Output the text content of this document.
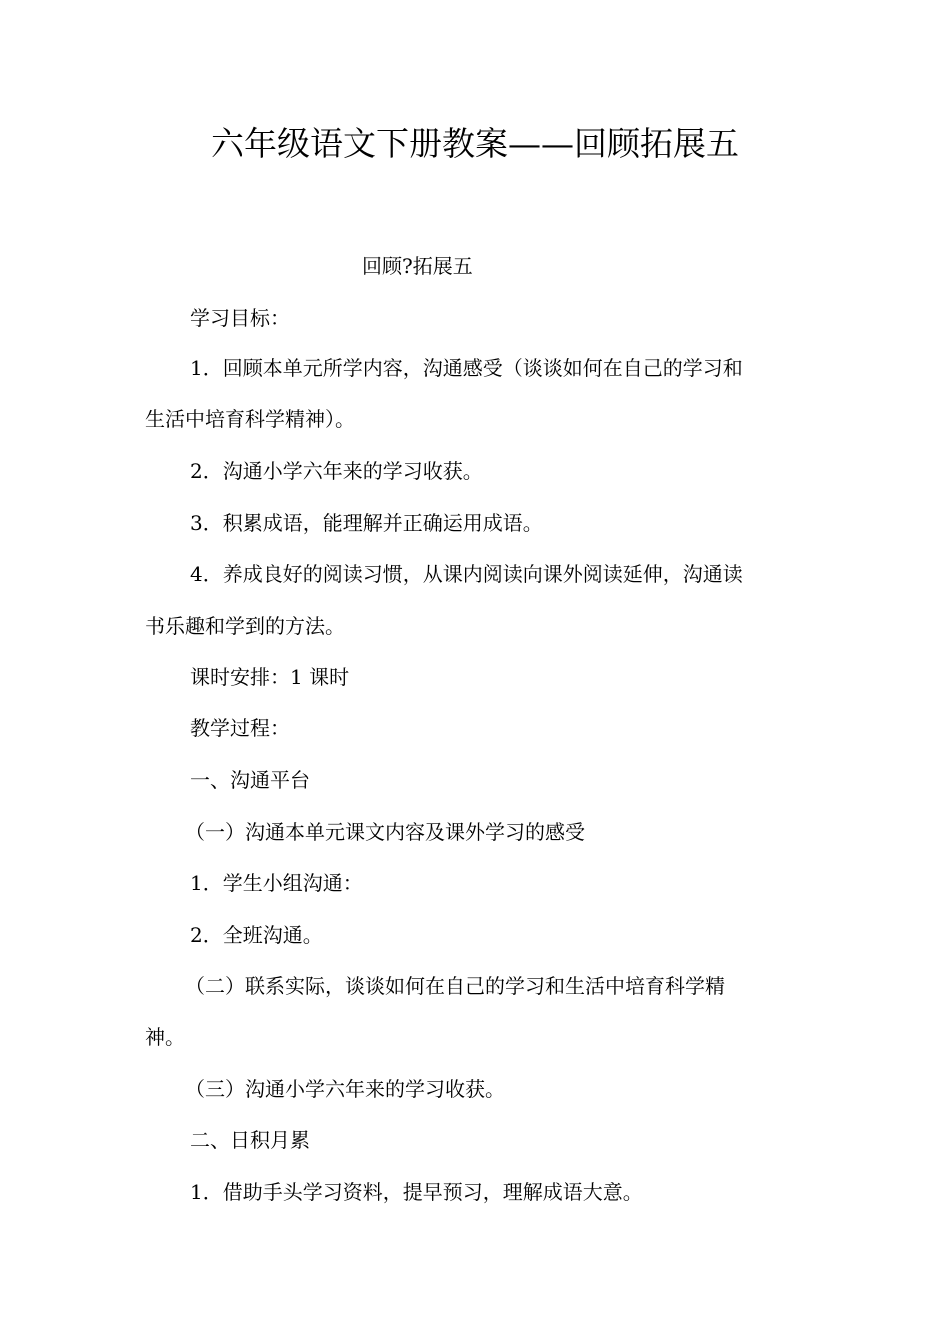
六年级语文下册教案——回顾拓展五
回顾?拓展五
学习目标：
1．回顾本单元所学内容，沟通感受（谈谈如何在自己的学习和
生活中培育科学精神）。
2．沟通小学六年来的学习收获。
3．积累成语，能理解并正确运用成语。
4．养成良好的阅读习惯，从课内阅读向课外阅读延伸，沟通读
书乐趣和学到的方法。
课时安排：1 课时
教学过程：
一、沟通平台
（一）沟通本单元课文内容及课外学习的感受
1．学生小组沟通：
2．全班沟通。
（二）联系实际，谈谈如何在自己的学习和生活中培育科学精
神。
（三）沟通小学六年来的学习收获。
二、日积月累
1．借助手头学习资料，提早预习，理解成语大意。
